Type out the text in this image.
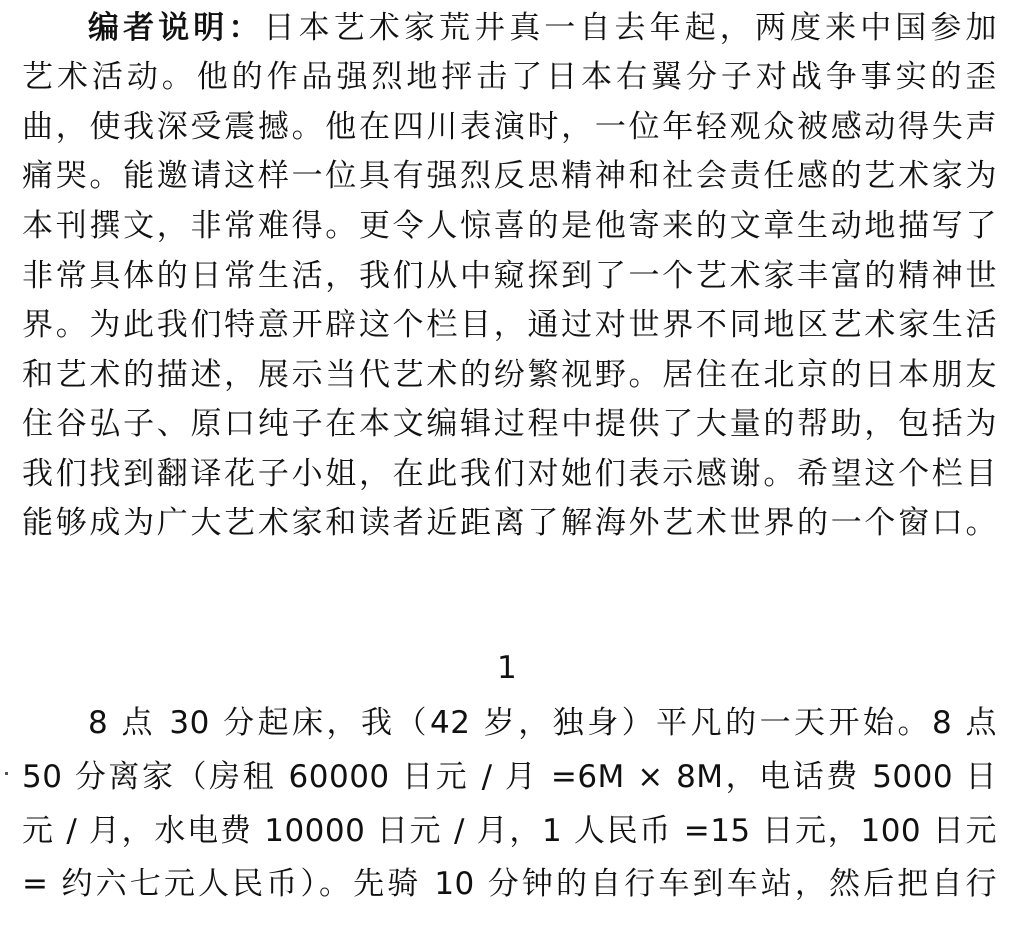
编者说明：日本艺术家荒井真一自去年起，两度来中国参加
艺术活动。他的作品强烈地抨击了日本右翼分子对战争事实的歪
曲，使我深受震撼。他在四川表演时，一位年轻观众被感动得失声
痛哭。能邀请这样一位具有强烈反思精神和社会责任感的艺术家为
本刊撰文，非常难得。更令人惊喜的是他寄来的文章生动地描写了
非常具体的日常生活，我们从中窥探到了一个艺术家丰富的精神世
界。为此我们特意开辟这个栏目，通过对世界不同地区艺术家生活
和艺术的描述，展示当代艺术的纷繁视野。居住在北京的日本朋友
住谷弘子、原口纯子在本文编辑过程中提供了大量的帮助，包括为
我们找到翻译花子小姐，在此我们对她们表示感谢。希望这个栏目
能够成为广大艺术家和读者近距离了解海外艺术世界的一个窗口。
1
8 点 30 分起床，我（42 岁，独身）平凡的一天开始。8 点
50 分离家（房租 60000 日元 / 月 =6M × 8M，电话费 5000 日
元 / 月，水电费 10000 日元 / 月，1 人民币 =15 日元，100 日元
= 约六七元人民币）。先骑 10 分钟的自行车到车站，然后把自行
